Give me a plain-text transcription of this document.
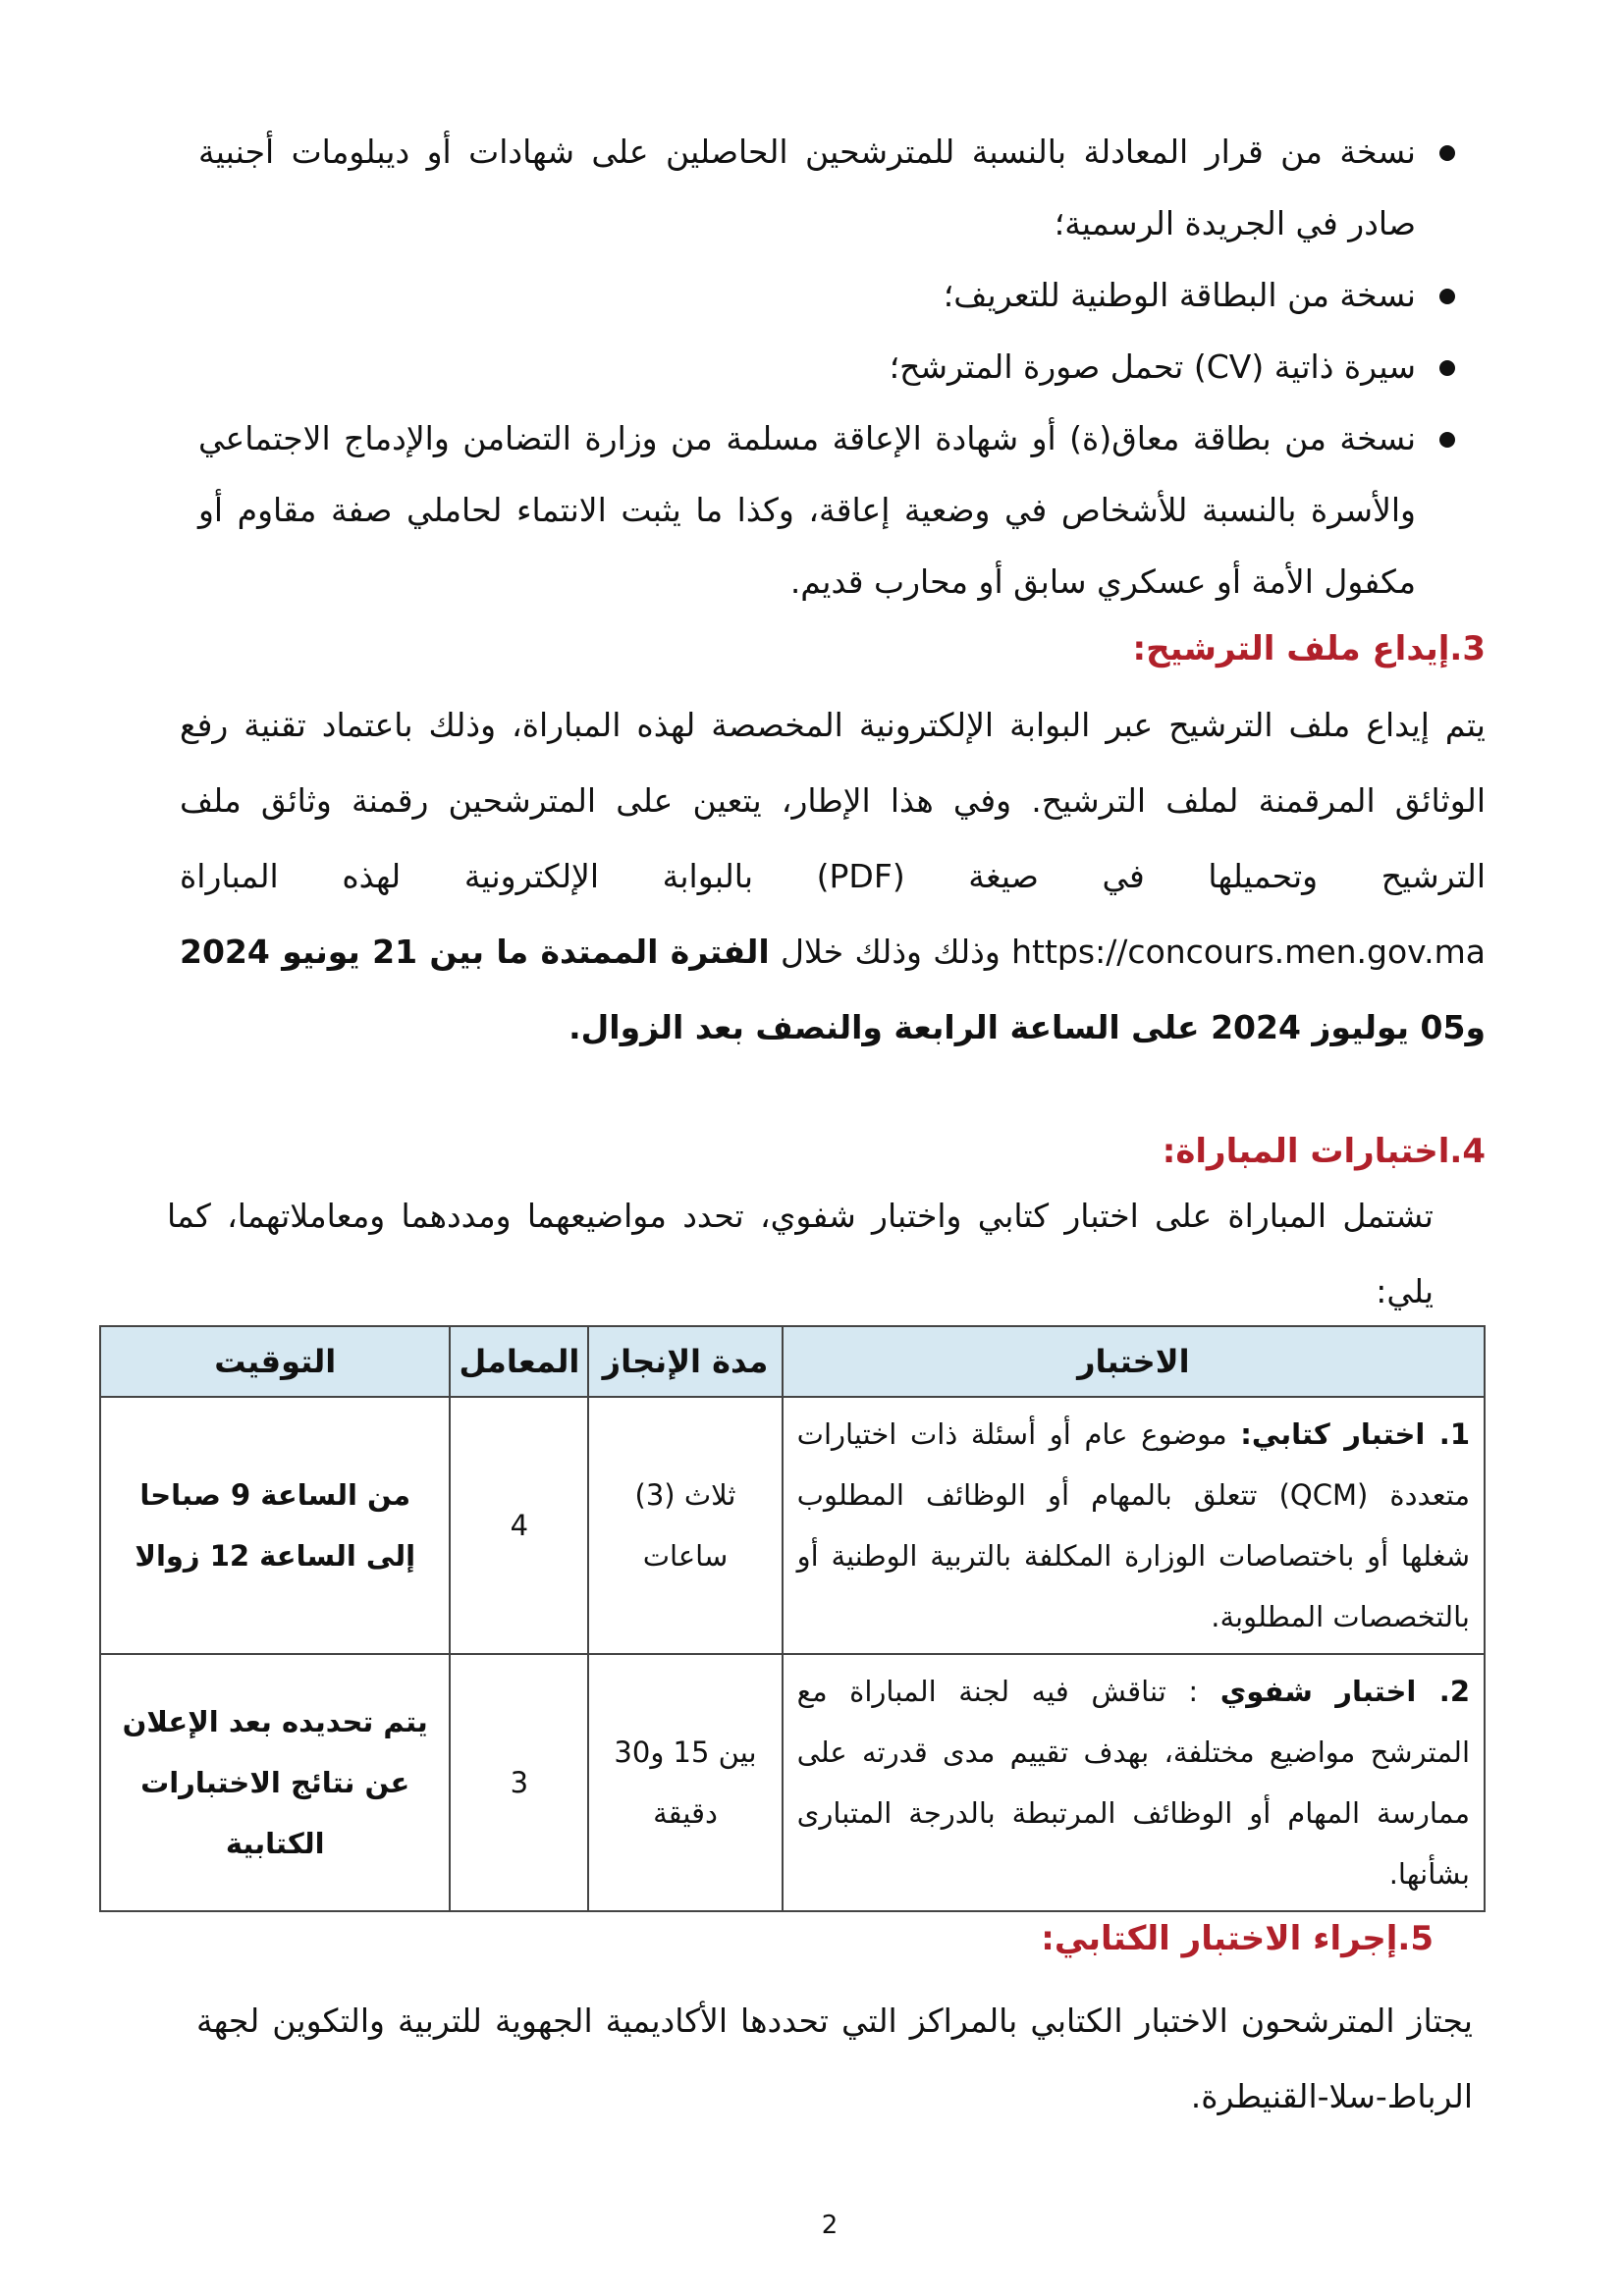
نسخة من قرار المعادلة بالنسبة للمترشحين الحاصلين على شهادات أو ديبلومات أجنبية صادر في الجريدة الرسمية؛
نسخة من البطاقة الوطنية للتعريف؛
سيرة ذاتية (CV) تحمل صورة المترشح؛
نسخة من بطاقة معاق(ة) أو شهادة الإعاقة مسلمة من وزارة التضامن والإدماج الاجتماعي والأسرة بالنسبة للأشخاص في وضعية إعاقة، وكذا ما يثبت الانتماء لحاملي صفة مقاوم أو مكفول الأمة أو عسكري سابق أو محارب قديم.
3.إيداع ملف الترشيح:

يتم إيداع ملف الترشيح عبر البوابة الإلكترونية المخصصة لهذه المباراة، وذلك باعتماد تقنية رفع الوثائق المرقمنة لملف الترشيح. وفي هذا الإطار، يتعين على المترشحين رقمنة وثائق ملف الترشيح وتحميلها في صيغة (PDF) بالبوابة الإلكترونية لهذه المباراة https://concours.men.gov.ma وذلك وذلك خلال الفترة الممتدة ما بين 21 يونيو 2024 و05 يوليوز 2024 على الساعة الرابعة والنصف بعد الزوال.

4.اختبارات المباراة:

تشتمل المباراة على اختبار كتابي واختبار شفوي، تحدد مواضيعهما ومددهما ومعاملاتهما، كما يلي:

الاختبار	مدة الإنجاز	المعامل	التوقيت
1. اختبار كتابي: موضوع عام أو أسئلة ذات اختيارات متعددة (QCM) تتعلق بالمهام أو الوظائف المطلوب شغلها أو باختصاصات الوزارة المكلفة بالتربية الوطنية أو بالتخصصات المطلوبة.	ثلاث (3) ساعات	4	من الساعة 9 صباحا إلى الساعة 12 زوالا
2. اختبار شفوي : تناقش فيه لجنة المباراة مع المترشح مواضيع مختلفة، بهدف تقييم مدى قدرته على ممارسة المهام أو الوظائف المرتبطة بالدرجة المتبارى بشأنها.	بين 15 و30 دقيقة	3	يتم تحديده بعد الإعلان عن نتائج الاختبارات الكتابية
5.إجراء الاختبار الكتابي:

يجتاز المترشحون الاختبار الكتابي بالمراكز التي تحددها الأكاديمية الجهوية للتربية والتكوين لجهة الرباط-سلا-القنيطرة.

2
